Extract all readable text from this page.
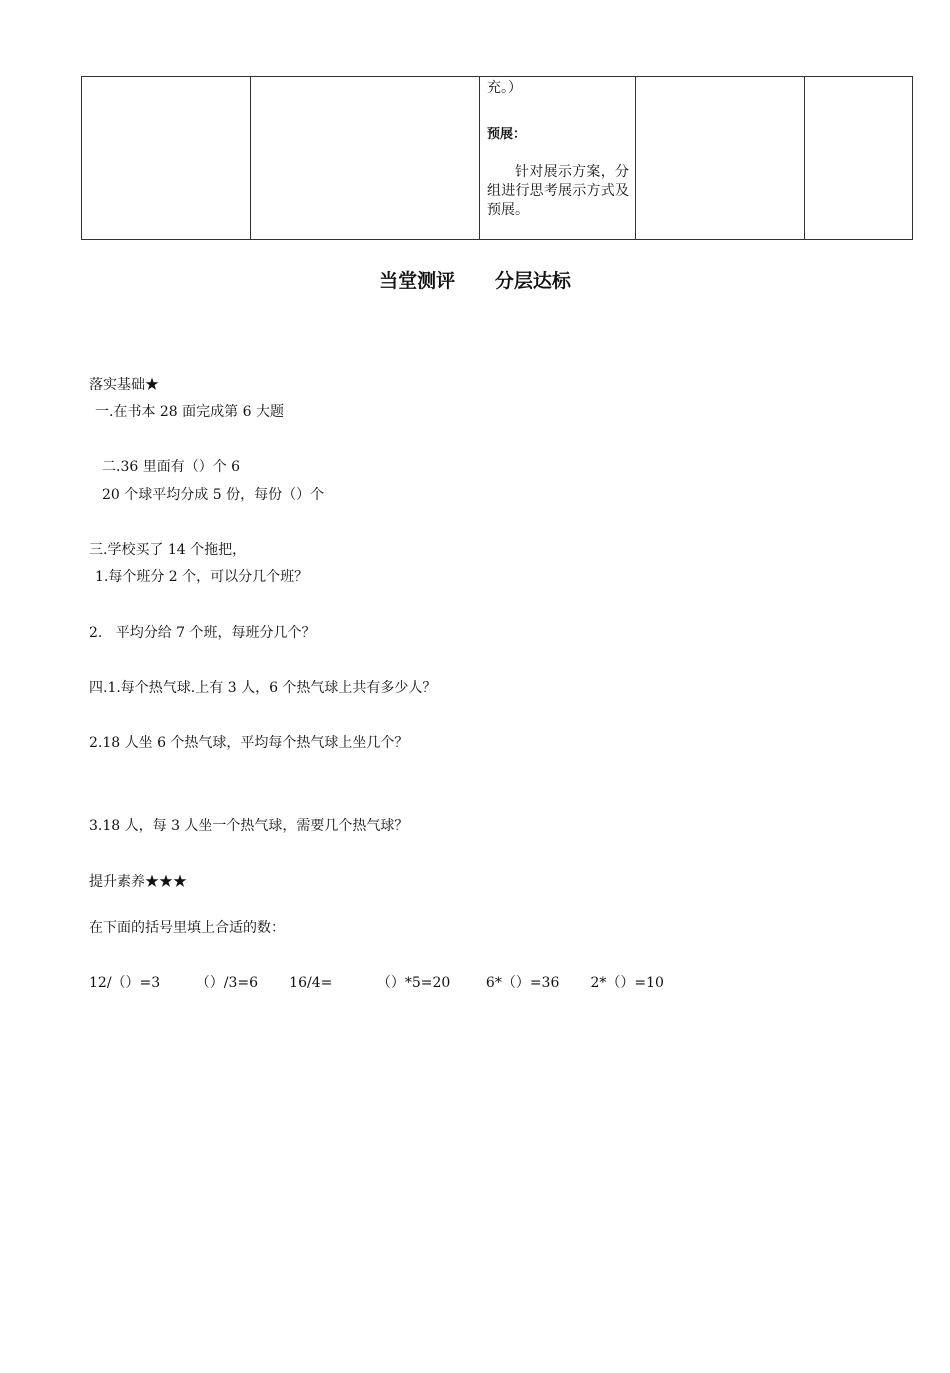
充。）

预展：

针对展示方案，分组进行思考展示方式及预展。

当堂测评      分层达标
落实基础★
一.在书本 28 面完成第 6 大题
二.36 里面有（）个 6
20 个球平均分成 5 份，每份（）个
三.学校买了 14 个拖把，
1.每个班分 2 个，可以分几个班？
2.   平均分给 7 个班，每班分几个？
四.1.每个热气球.上有 3 人，6 个热气球上共有多少人？
2.18 人坐 6 个热气球，平均每个热气球上坐几个？
3.18 人，每 3 人坐一个热气球，需要几个热气球？
提升素养★★★
在下面的括号里填上合适的数：
12/（）=3        （）/3=6       16/4=          （）*5=20        6*（）=36       2*（）=10
